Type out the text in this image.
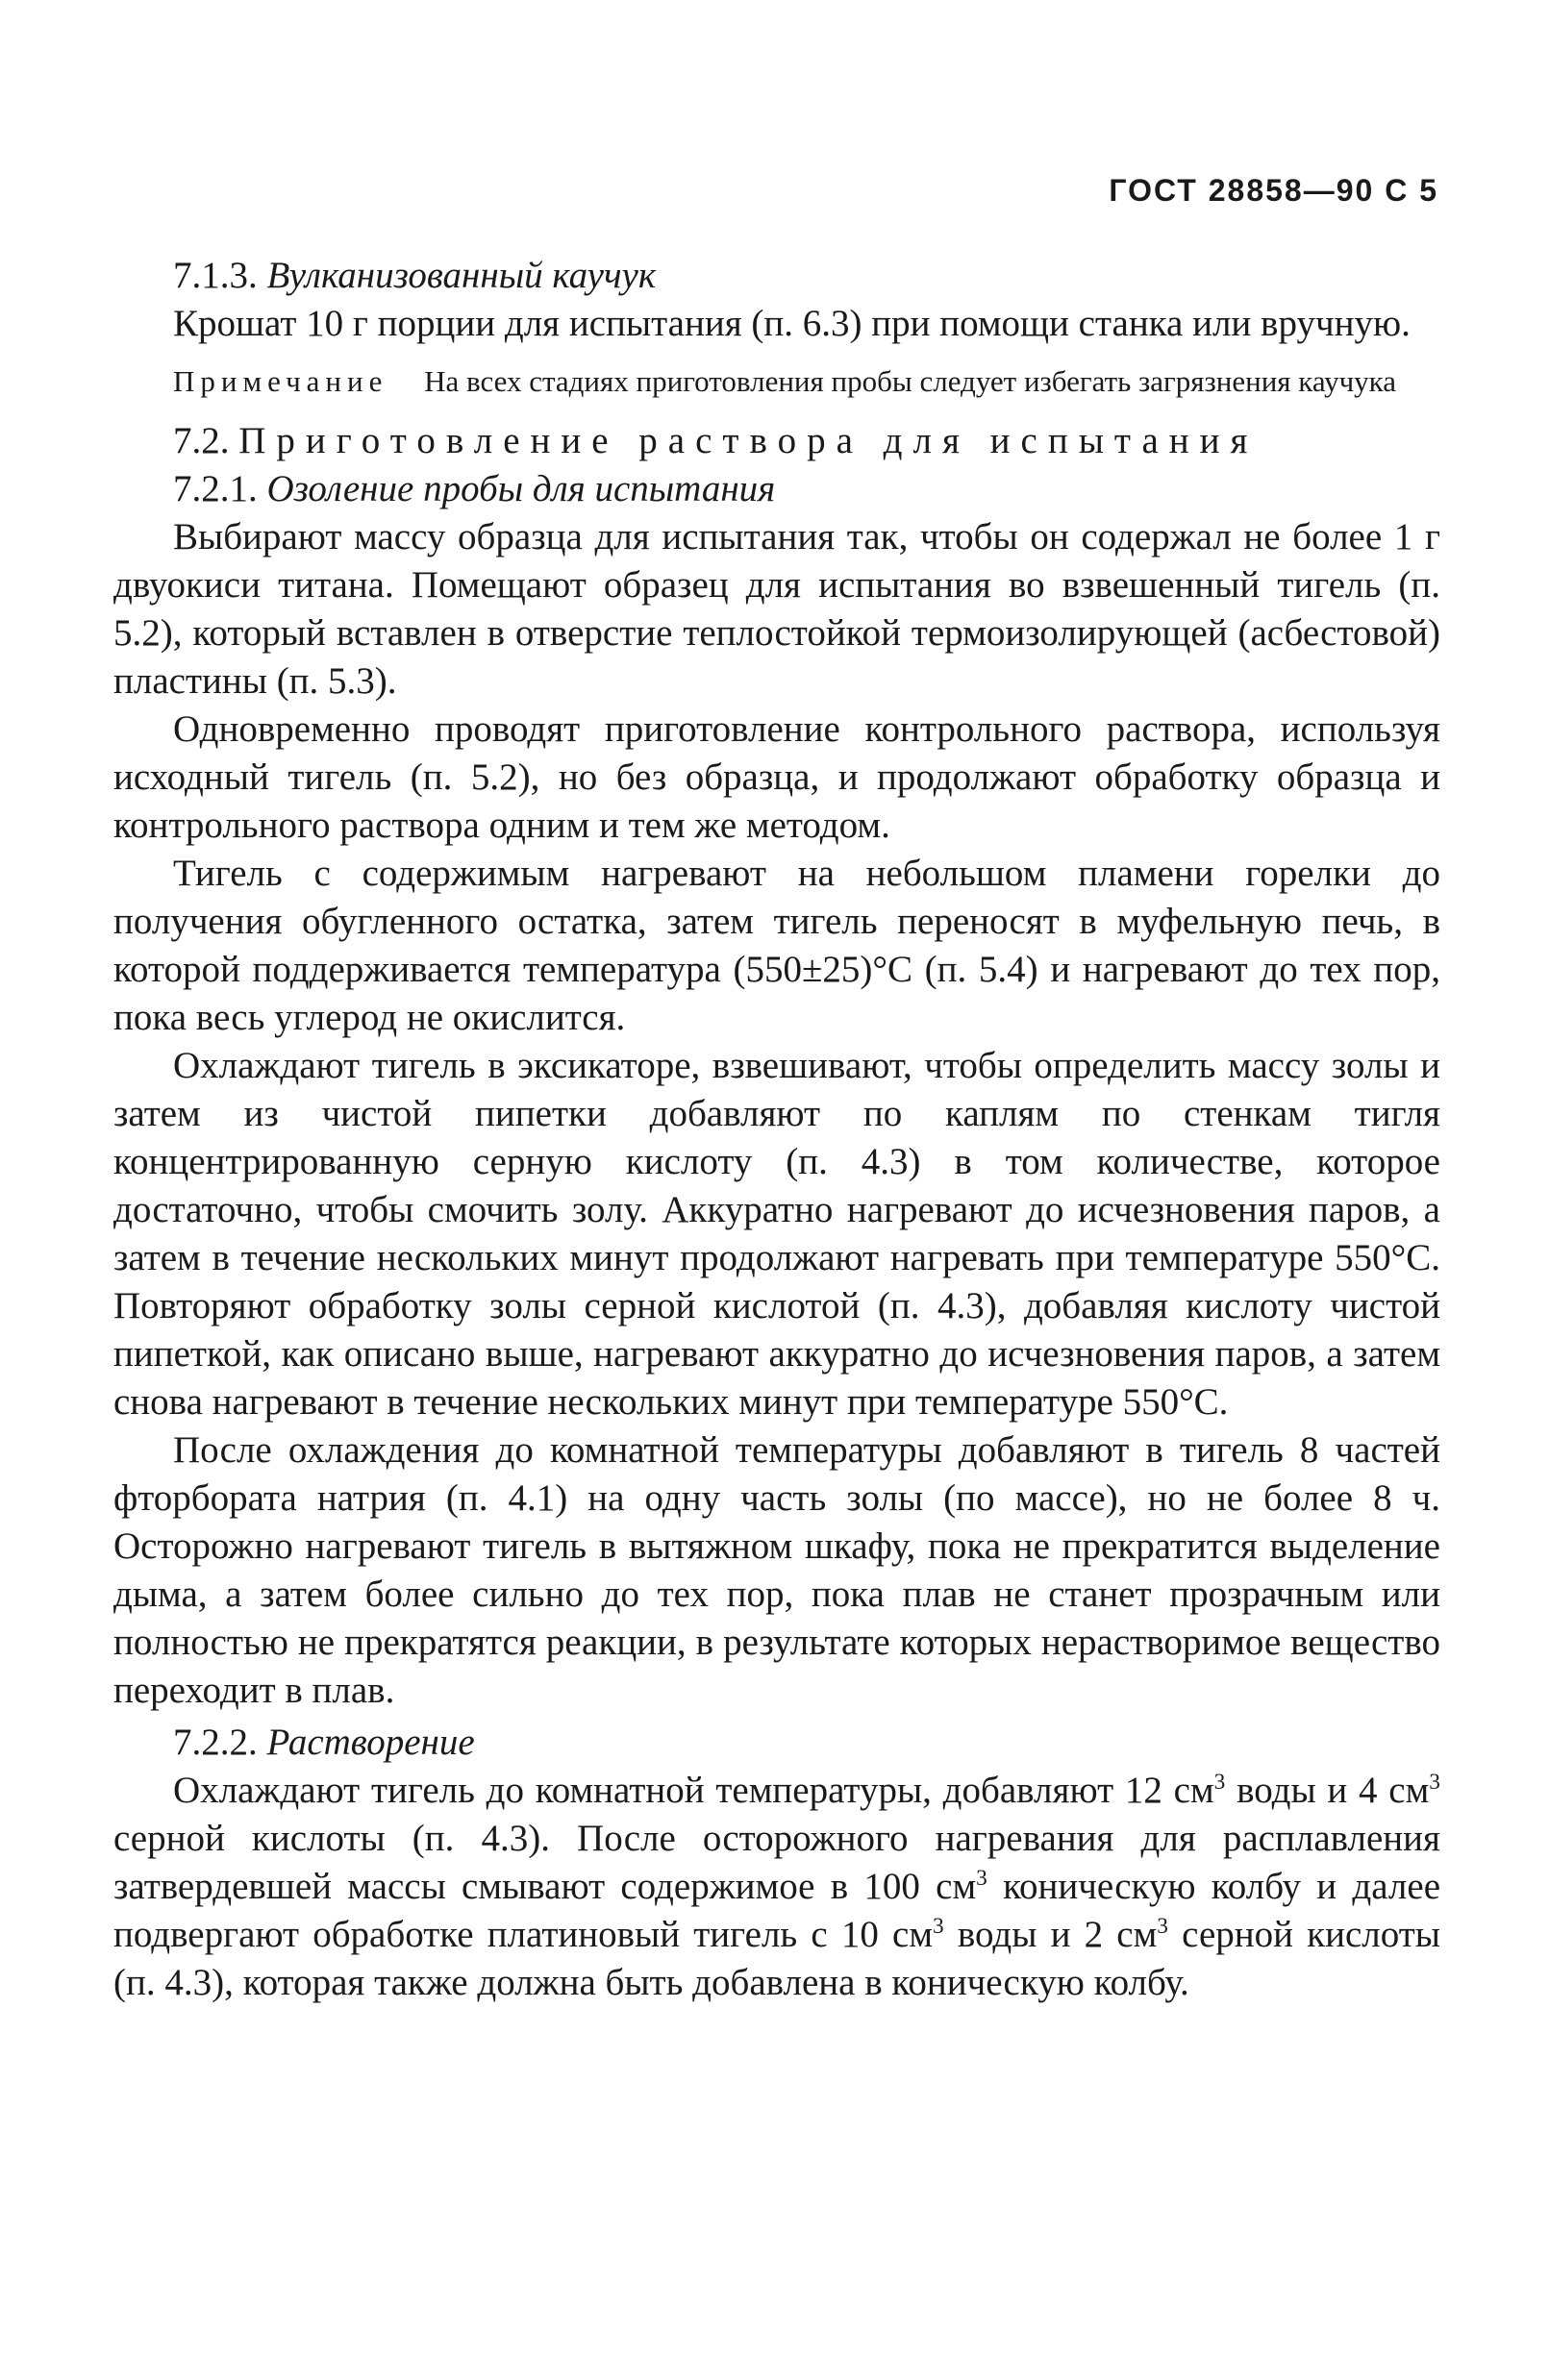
ГОСТ 28858—90 С 5

7.1.3. Вулканизованный каучук

Крошат 10 г порции для испытания (п. 6.3) при помощи станка или вручную.

Примечание На всех стадиях приготовления пробы следует избегать загрязнения каучука

7.2. Приготовление раствора для испытания

7.2.1. Озоление пробы для испытания

Выбирают массу образца для испытания так, чтобы он содержал не более 1 г двуокиси титана. Помещают образец для испытания во взвешенный тигель (п. 5.2), который вставлен в отверстие теплостойкой термоизолирующей (асбестовой) пластины (п. 5.3).

Одновременно проводят приготовление контрольного раствора, используя исходный тигель (п. 5.2), но без образца, и продолжают обработку образца и контрольного раствора одним и тем же методом.

Тигель с содержимым нагревают на небольшом пламени горелки до получения обугленного остатка, затем тигель переносят в муфельную печь, в которой поддерживается температура (550±25)°С (п. 5.4) и нагревают до тех пор, пока весь углерод не окислится.

Охлаждают тигель в эксикаторе, взвешивают, чтобы определить массу золы и затем из чистой пипетки добавляют по каплям по стенкам тигля концентрированную серную кислоту (п. 4.3) в том количестве, которое достаточно, чтобы смочить золу. Аккуратно нагревают до исчезновения паров, а затем в течение нескольких минут продолжают нагревать при температуре 550°С. Повторяют обработку золы серной кислотой (п. 4.3), добавляя кислоту чистой пипеткой, как описано выше, нагревают аккуратно до исчезновения паров, а затем снова нагревают в течение нескольких минут при температуре 550°С.

После охлаждения до комнатной температуры добавляют в тигель 8 частей фторбората натрия (п. 4.1) на одну часть золы (по массе), но не более 8 ч. Осторожно нагревают тигель в вытяжном шкафу, пока не прекратится выделение дыма, а затем более сильно до тех пор, пока плав не станет прозрачным или полностью не прекратятся реакции, в результате которых нерастворимое вещество переходит в плав.

7.2.2. Растворение

Охлаждают тигель до комнатной температуры, добавляют 12 $см^3$ воды и 4 $см^3$ серной кислоты (п. 4.3). После осторожного нагревания для расплавления затвердевшей массы смывают содержимое в 100 $см^3$ коническую колбу и далее подвергают обработке платиновый тигель с 10 $см^3$ воды и 2 $см^3$ серной кислоты (п. 4.3), которая также должна быть добавлена в коническую колбу.
